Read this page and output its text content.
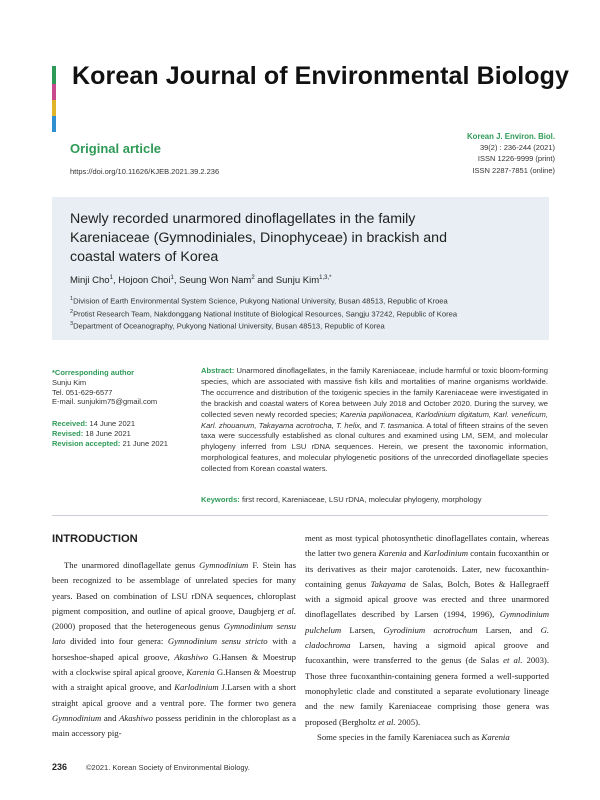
Korean Journal of Environmental Biology
Original article
https://doi.org/10.11626/KJEB.2021.39.2.236
Korean J. Environ. Biol.
39(2) : 236-244 (2021)
ISSN 1226-9999 (print)
ISSN 2287-7851 (online)
Newly recorded unarmored dinoflagellates in the family Kareniaceae (Gymnodiniales, Dinophyceae) in brackish and coastal waters of Korea
Minji Cho$^1$, Hojoon Choi$^1$, Seung Won Nam$^2$ and Sunju Kim$^{1,3,*}$
$^1$Division of Earth Environmental System Science, Pukyong National University, Busan 48513, Republic of Kroea
$^2$Protist Research Team, Nakdonggang National Institute of Biological Resources, Sangju 37242, Republic of Korea
$^3$Department of Oceanography, Pukyong National University, Busan 48513, Republic of Korea
*Corresponding author
Sunju Kim
Tel. 051-629-6577
E-mail. sunjukim75@gmail.com
Received: 14 June 2021
Revised: 18 June 2021
Revision accepted: 21 June 2021
Abstract: Unarmored dinoflagellates, in the family Kareniaceae, include harmful or toxic bloom-forming species, which are associated with massive fish kills and mortalities of marine organisms worldwide. The occurrence and distribution of the toxigenic species in the family Kareniaceae were investigated in the brackish and coastal waters of Korea between July 2018 and October 2020. During the survey, we collected seven newly recorded species; Karenia papilionacea, Karlodinium digitatum, Karl. veneficum, Karl. zhouanum, Takayama acrotrocha, T. helix, and T. tasmanica. A total of fifteen strains of the seven taxa were successfully established as clonal cultures and examined using LM, SEM, and molecular phylogeny inferred from LSU rDNA sequences. Herein, we present the taxonomic information, morphological features, and molecular phylogenetic positions of the unrecorded dinoflagellate species collected from Korean coastal waters.
Keywords: first record, Kareniaceae, LSU rDNA, molecular phylogeny, morphology
INTRODUCTION

The unarmored dinoflagellate genus Gymnodinium F. Stein has been recognized to be assemblage of unrelated species for many years. Based on combination of LSU rDNA sequences, chloroplast pigment composition, and outline of apical groove, Daugbjerg et al. (2000) proposed that the heterogeneous genus Gymnodinium sensu lato divided into four genera: Gymnodinium sensu stricto with a horseshoe-shaped apical groove, Akashiwo G.Hansen & Moestrup with a clockwise spiral apical groove, Karenia G.Hansen & Moestrup with a straight apical groove, and Karlodinium J.Larsen with a short straight apical groove and a ventral pore. The former two genera Gymnodinium and Akashiwo possess peridinin in the chloroplast as a main accessory pig-

ment as most typical photosynthetic dinoflagellates contain, whereas the latter two genera Karenia and Karlodinium contain fucoxanthin or its derivatives as their major carotenoids. Later, new fucoxanthin-containing genus Takayama de Salas, Bolch, Botes & Hallegraeff with a sigmoid apical groove was erected and three unarmored dinoflagellates described by Larsen (1994, 1996), Gymnodinium pulchelum Larsen, Gyrodinium acrotrochum Larsen, and G. cladochroma Larsen, having a sigmoid apical groove and fucoxanthin, were transferred to the genus (de Salas et al. 2003). Those three fucoxanthin-containing genera formed a well-supported monophyletic clade and constituted a separate evolutionary lineage and the new family Kareniaceae comprising those genera was proposed (Bergholtz et al. 2005).

Some species in the family Kareniacea such as Karenia

236	©2021. Korean Society of Environmental Biology.
